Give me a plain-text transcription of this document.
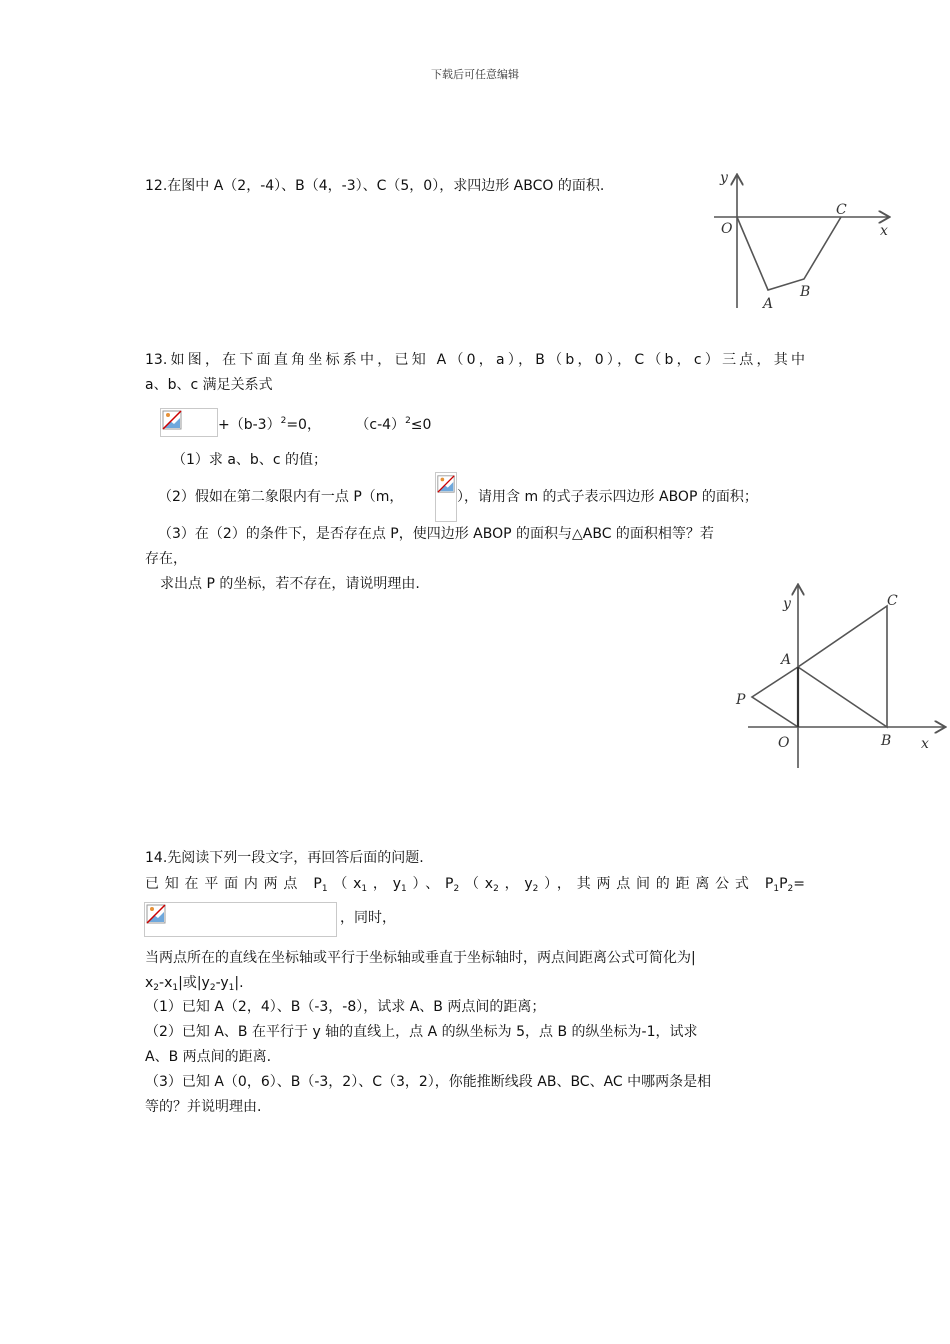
下载后可任意编辑
12.在图中 A（2，-4）、B（4，-3）、C（5，0），求四边形 ABCO 的面积.	y
x
O
C
A
B
13.如图，在下面直角坐标系中，已知 A（0，a），B（b，0），C（b，c）三点，其中
a、b、c 满足关系式
$+(b-3)^2=0$， $(c-4)^2\le 0$
（1）求 a、b、c 的值；
（2）假如在第二象限内有一点 P（m，	），请用含 m 的式子表示四边形 ABOP 的面积；
（3）在（2）的条件下，是否存在点 P，使四边形 ABOP 的面积与△ABC 的面积相等？若
存在，
求出点 P 的坐标，若不存在，请说明理由.
y
x
C
A
P
O	B
14.先阅读下列一段文字，再回答后面的问题.
已知在平面内两点 $P_1(x_1$，$y_1$）、$P_2(x_2$，$y_2$），其两点间的距离公式 $P_1P_2=$
，同时，
当两点所在的直线在坐标轴或平行于坐标轴或垂直于坐标轴时，两点间距离公式可简化为|
$x_2-x_1|$或$|y_2-y_1|$.
（1）已知 A（2，4）、B（-3，-8），试求 A、B 两点间的距离；
（2）已知 A、B 在平行于 y 轴的直线上，点 A 的纵坐标为 5，点 B 的纵坐标为-1，试求
A、B 两点间的距离.
（3）已知 A（0，6）、B（-3，2）、C（3，2），你能推断线段 AB、BC、AC 中哪两条是相
等的？并说明理由.
